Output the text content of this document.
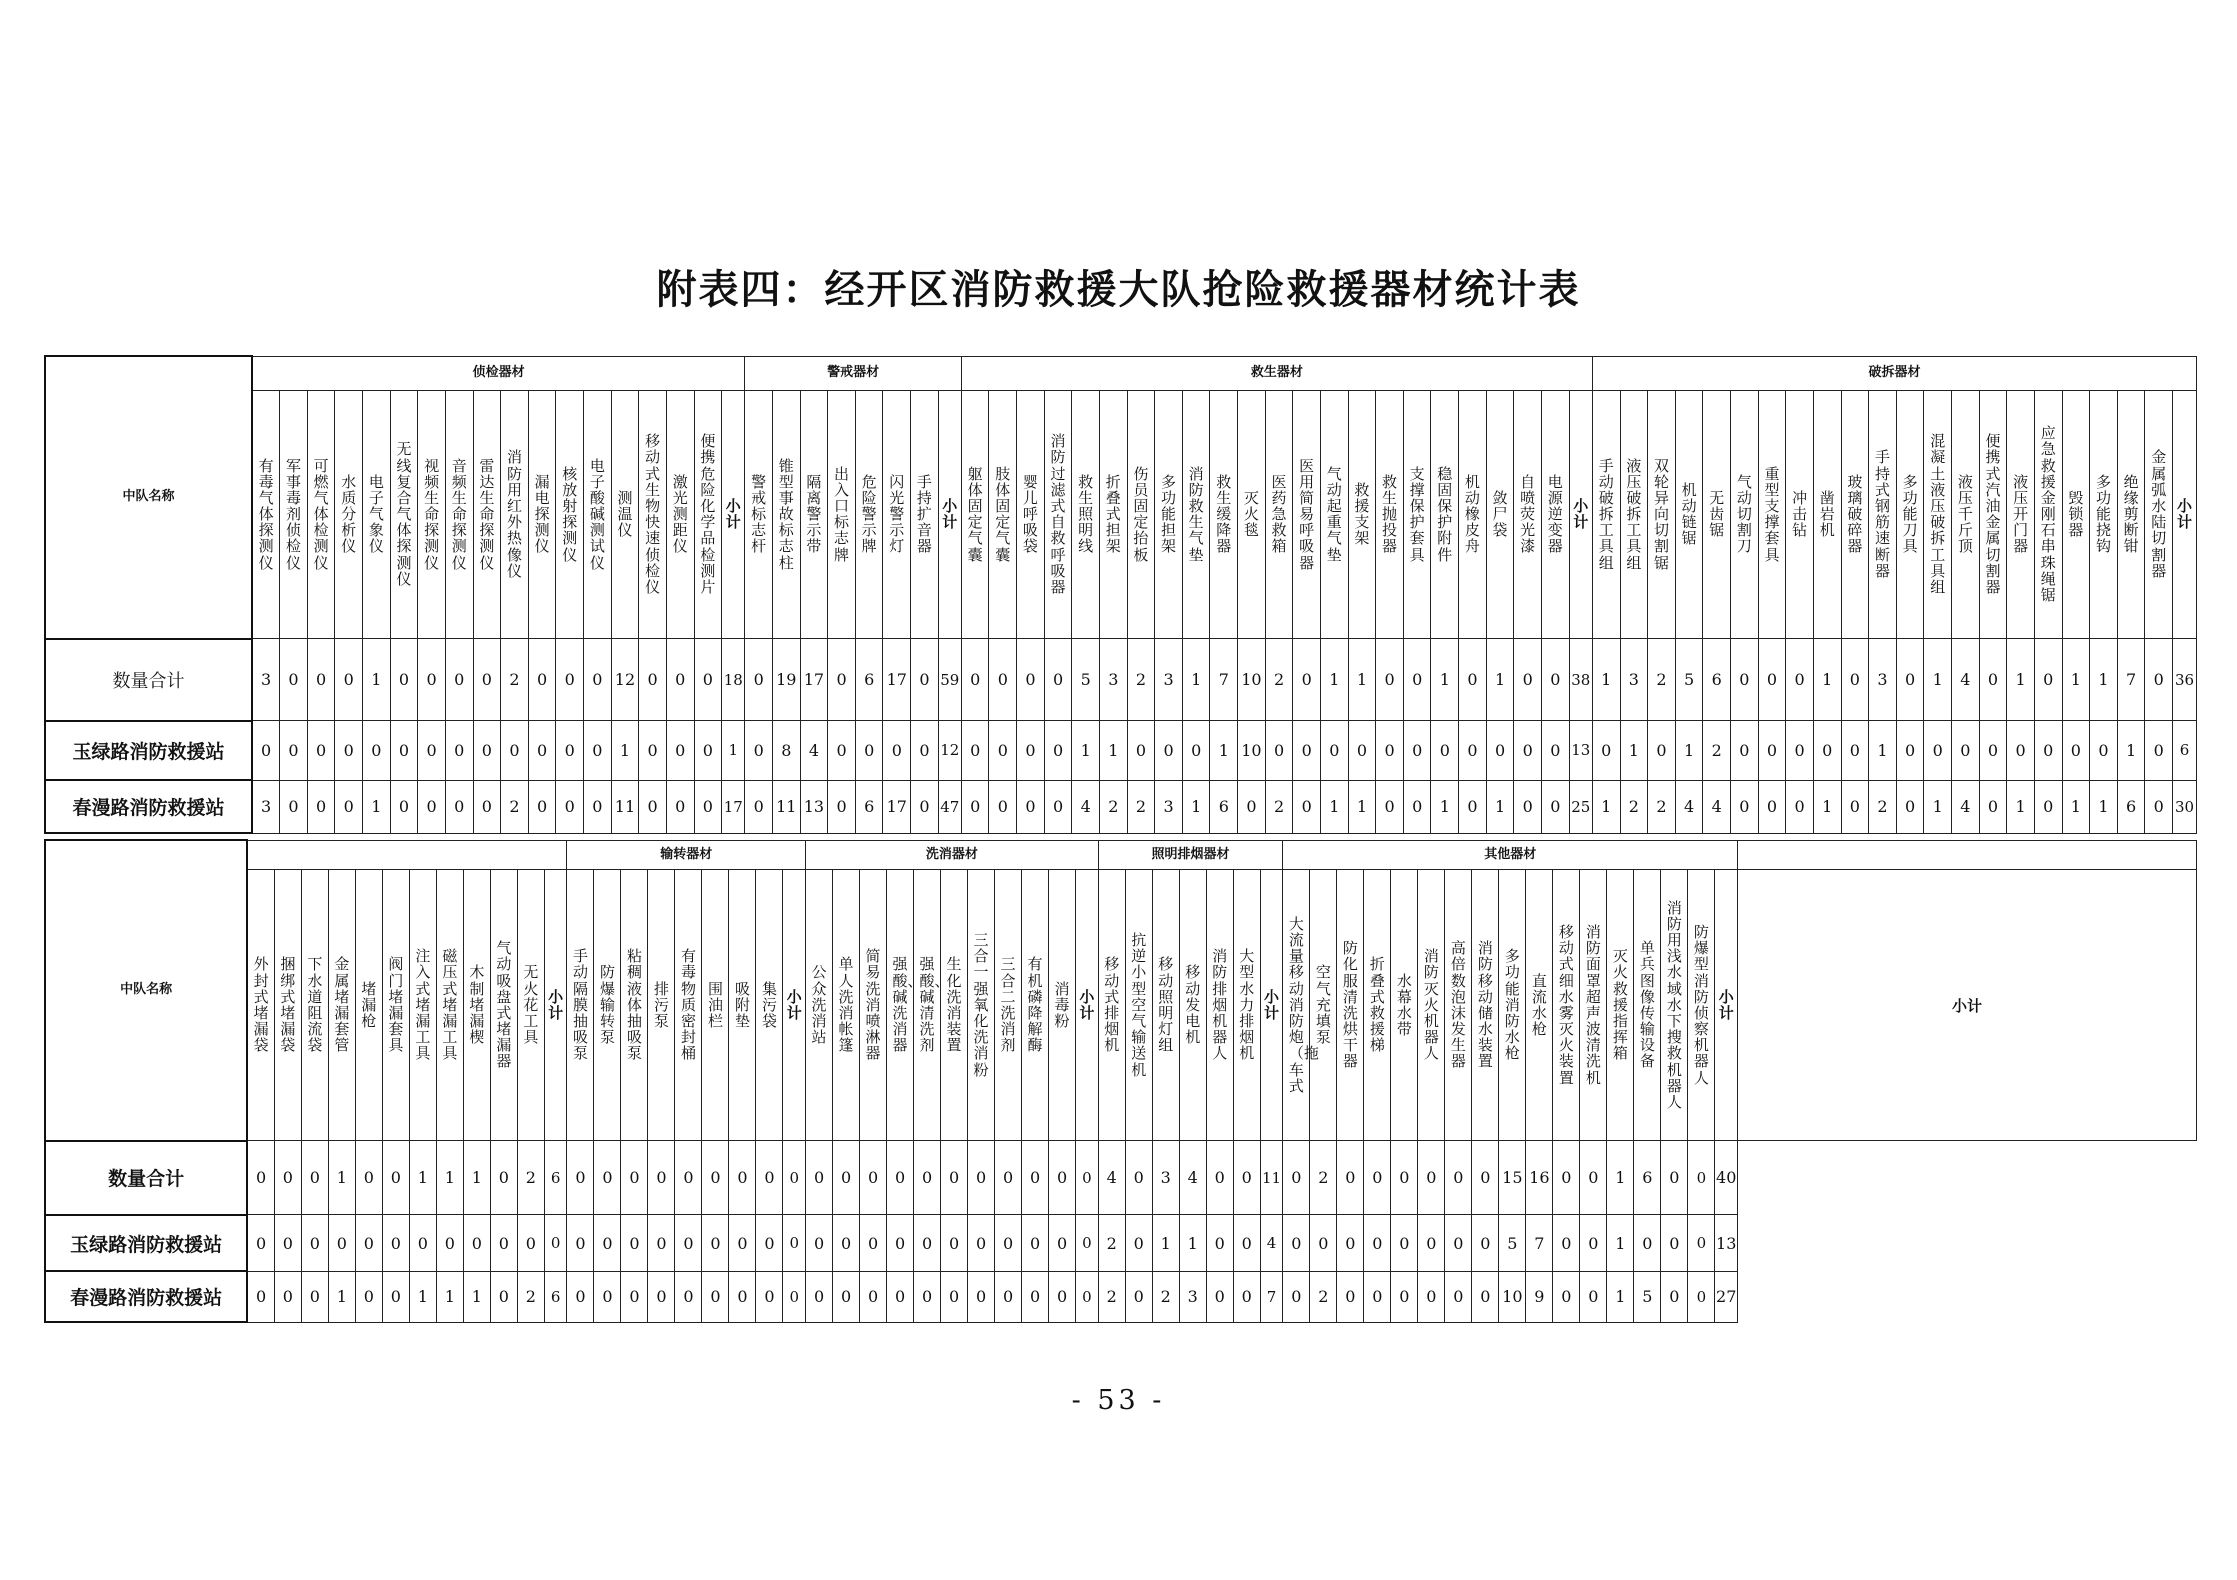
附表四：经开区消防救援大队抢险救援器材统计表
中队名称	侦检器材	警戒器材	救生器材	破拆器材
有毒气体探测仪	军事毒剂侦检仪	可燃气体检测仪	水质分析仪	电子气象仪	无线复合气体探测仪	视频生命探测仪	音频生命探测仪	雷达生命探测仪	消防用红外热像仪	漏电探测仪	核放射探测仪	电子酸碱测试仪	测温仪	移动式生物快速侦检仪	激光测距仪	便携危险化学品检测片	小计	警戒标志杆	锥型事故标志柱	隔离警示带	出入口标志牌	危险警示牌	闪光警示灯	手持扩音器	小计	躯体固定气囊	肢体固定气囊	婴儿呼吸袋	消防过滤式自救呼吸器	救生照明线	折叠式担架	伤员固定抬板	多功能担架	消防救生气垫	救生缓降器	灭火毯	医药急救箱	医用简易呼吸器	气动起重气垫	救援支架	救生抛投器	支撑保护套具	稳固保护附件	机动橡皮舟	敛尸袋	自喷荧光漆	电源逆变器	小计	手动破拆工具组	液压破拆工具组	双轮异向切割锯	机动链锯	无齿锯	气动切割刀	重型支撑套具	冲击钻	凿岩机	玻璃破碎器	手持式钢筋速断器	多功能刀具	混凝土液压破拆工具组	液压千斤顶	便携式汽油金属切割器	液压开门器	应急救援金刚石串珠绳锯	毁锁器	多功能挠钩	绝缘剪断钳	金属弧水陆切割器	小计
数量合计	3	0	0	0	1	0	0	0	0	2	0	0	0	12	0	0	0	18	0	19	17	0	6	17	0	59	0	0	0	0	5	3	2	3	1	7	10	2	0	1	1	0	0	1	0	1	0	0	38	1	3	2	5	6	0	0	0	1	0	3	0	1	4	0	1	0	1	1	7	0	36
玉绿路消防救援站	0	0	0	0	0	0	0	0	0	0	0	0	0	1	0	0	0	1	0	8	4	0	0	0	0	12	0	0	0	0	1	1	0	0	0	1	10	0	0	0	0	0	0	0	0	0	0	0	13	0	1	0	1	2	0	0	0	0	0	1	0	0	0	0	0	0	0	0	1	0	6
春漫路消防救援站	3	0	0	0	1	0	0	0	0	2	0	0	0	11	0	0	0	17	0	11	13	0	6	17	0	47	0	0	0	0	4	2	2	3	1	6	0	2	0	1	1	0	0	1	0	1	0	0	25	1	2	2	4	4	0	0	0	1	0	2	0	1	4	0	1	0	1	1	6	0	30
中队名称													输转器材									洗消器材											照明排烟器材							其他器材																	
	外封式堵漏袋	捆绑式堵漏袋	下水道阻流袋	金属堵漏套管	堵漏枪	阀门堵漏套具	注入式堵漏工具	磁压式堵漏工具	木制堵漏楔	气动吸盘式堵漏器	无火花工具	小计	手动隔膜抽吸泵	防爆输转泵	粘稠液体抽吸泵	排污泵	有毒物质密封桶	围油栏	吸附垫	集污袋	小计	公众洗消站	单人洗消帐篷	简易洗消喷淋器	强酸、碱洗消器	强酸、碱清洗剂	生化洗消装置	三合一强氧化洗消粉	三合二洗消剂	有机磷降解酶	消毒粉	小计	移动式排烟机	抗逆小型空气输送机	移动照明灯组	移动发电机	消防排烟机器人	大型水力排烟机	小计	大流量移动消防炮（拖车式	空气充填泵	防化服清洗烘干器	折叠式救援梯	水幕水带	消防灭火机器人	高倍数泡沫发生器	消防移动储水装置	多功能消防水枪	直流水枪	移动式细水雾灭火装置	消防面罩超声波清洗机	灭火救援指挥箱	单兵图像传输设备	消防用浅水域水下搜救机器人	防爆型消防侦察机器人	小计	小计
数量合计	0	0	0	1	0	0	1	1	1	0	2	6	0	0	0	0	0	0	0	0	0	0	0	0	0	0	0	0	0	0	0	0	4	0	3	4	0	0	11	0	2	0	0	0	0	0	0	15	16	0	0	1	6	0	0	40	
玉绿路消防救援站	0	0	0	0	0	0	0	0	0	0	0	0	0	0	0	0	0	0	0	0	0	0	0	0	0	0	0	0	0	0	0	0	2	0	1	1	0	0	4	0	0	0	0	0	0	0	0	5	7	0	0	1	0	0	0	13	
春漫路消防救援站	0	0	0	1	0	0	1	1	1	0	2	6	0	0	0	0	0	0	0	0	0	0	0	0	0	0	0	0	0	0	0	0	2	0	2	3	0	0	7	0	2	0	0	0	0	0	0	10	9	0	0	1	5	0	0	27	
- 53 -
